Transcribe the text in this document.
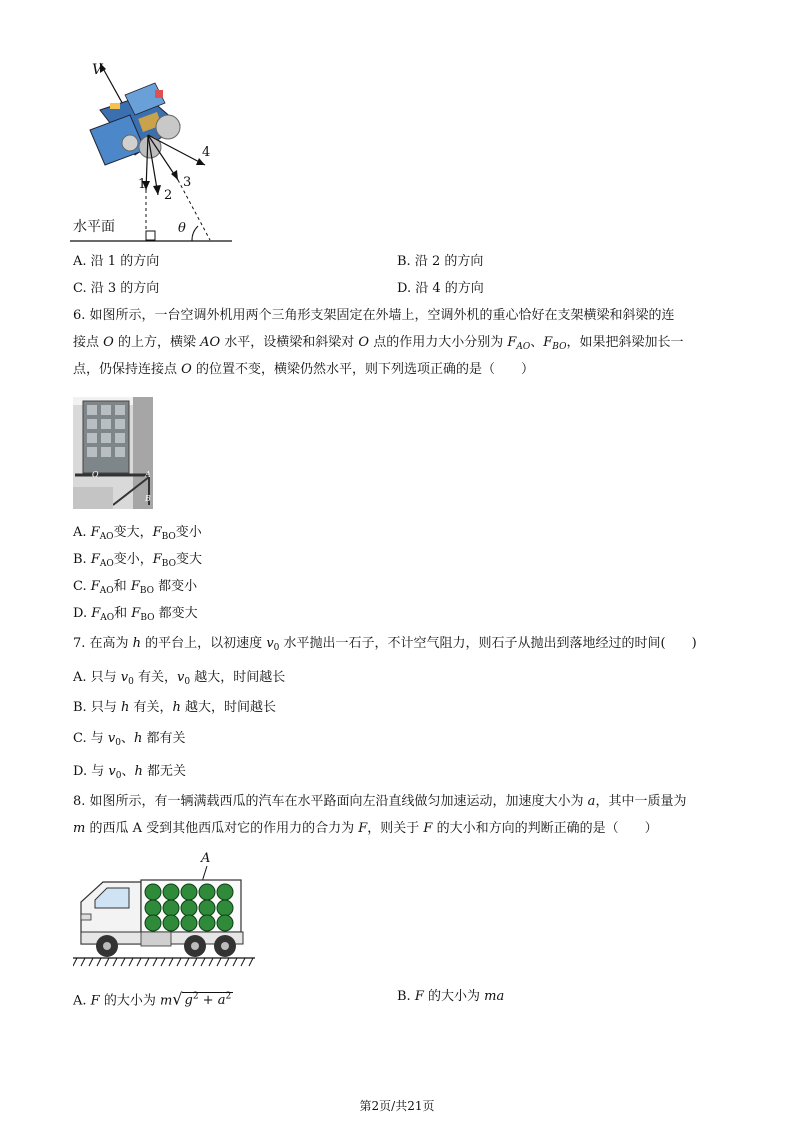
V
1
2
3
4
θ
水平面
A. 沿 1 的方向	B. 沿 2 的方向
C. 沿 3 的方向	D. 沿 4 的方向
6. 如图所示，一台空调外机用两个三角形支架固定在外墙上，空调外机的重心恰好在支架横梁和斜梁的连
接点 O 的上方，横梁 AO 水平，设横梁和斜梁对 O 点的作用力大小分别为 $F_{AO}$、$F_{BO}$，如果把斜梁加长一
点，仍保持连接点 O 的位置不变，横梁仍然水平，则下列选项正确的是（　　）
O	A
B
A. $F_{AO}$变大，$F_{BO}$变小
B. $F_{AO}$变小，$F_{BO}$变大
C. $F_{AO}$和 $F_{BO}$ 都变小
D. $F_{AO}$和 $F_{BO}$ 都变大
7. 在高为 h 的平台上，以初速度 $v_0$ 水平抛出一石子，不计空气阻力，则石子从抛出到落地经过的时间(　　)
A. 只与 $v_0$ 有关，$v_0$ 越大，时间越长
B. 只与 h 有关，h 越大，时间越长
C. 与 $v_0$、h 都有关
D. 与 $v_0$、h 都无关
8. 如图所示，有一辆满载西瓜的汽车在水平路面向左沿直线做匀加速运动，加速度大小为 a，其中一质量为
m 的西瓜 A 受到其他西瓜对它的作用力的合力为 F，则关于 F 的大小和方向的判断正确的是（　　）
A
A. F 的大小为 m√ $g^2 + a^2$	B. F 的大小为 ma
第2页/共21页
